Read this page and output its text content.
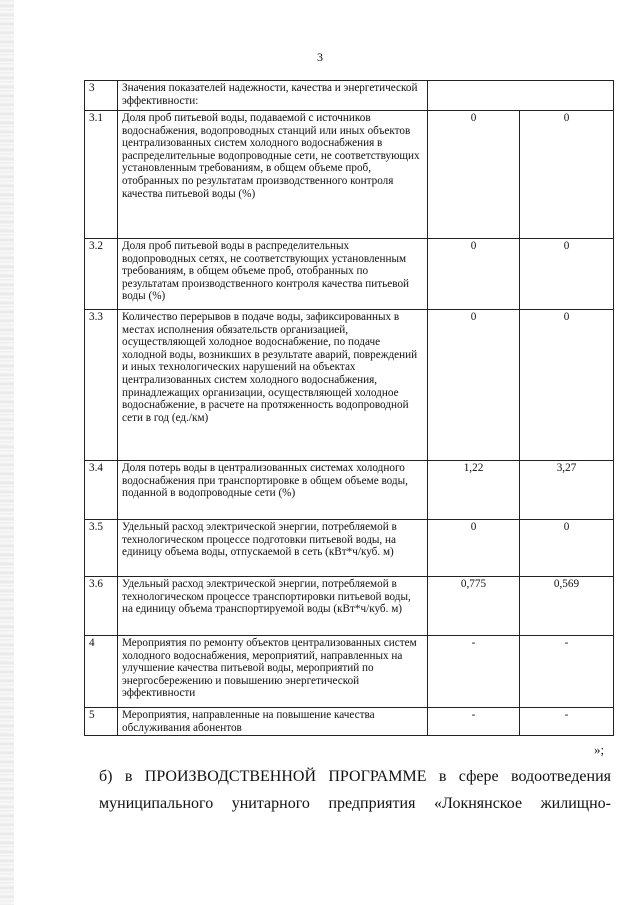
3
3	Значения показателей надежности, качества и энергетической эффективности:		
3.1	Доля проб питьевой воды, подаваемой с источников водоснабжения, водопроводных станций или иных объектов централизованных систем холодного водоснабжения в распределительные водопроводные сети, не соответствующих установленным требованиям, в общем объеме проб, отобранных по результатам производственного контроля качества питьевой воды (%)	0	0
3.2	Доля проб питьевой воды в распределительных водопроводных сетях, не соответствующих установленным требованиям, в общем объеме проб, отобранных по результатам производственного контроля качества питьевой воды (%)	0	0
3.3	Количество перерывов в подаче воды, зафиксированных в местах исполнения обязательств организацией, осуществляющей холодное водоснабжение, по подаче холодной воды, возникших в результате аварий, повреждений и иных технологических нарушений на объектах централизованных систем холодного водоснабжения, принадлежащих организации, осуществляющей холодное водоснабжение, в расчете на протяженность водопроводной сети в год (ед./км)	0	0
3.4	Доля потерь воды в централизованных системах холодного водоснабжения при транспортировке в общем объеме воды, поданной в водопроводные сети (%)	1,22	3,27
3.5	Удельный расход электрической энергии, потребляемой в технологическом процессе подготовки питьевой воды, на единицу объема воды, отпускаемой в сеть (кВт*ч/куб. м)	0	0
3.6	Удельный расход электрической энергии, потребляемой в технологическом процессе транспортировки питьевой воды, на единицу объема транспортируемой воды (кВт*ч/куб. м)	0,775	0,569
4	Мероприятия по ремонту объектов централизованных систем холодного водоснабжения, мероприятий, направленных на улучшение качества питьевой воды, мероприятий по энергосбережению и повышению энергетической эффективности	-	-
5	Мероприятия, направленные на повышение качества обслуживания абонентов	-	-
»;
б) в ПРОИЗВОДСТВЕННОЙ ПРОГРАММЕ в сфере водоотведения
муниципального унитарного предприятия «Локнянское жилищно-
